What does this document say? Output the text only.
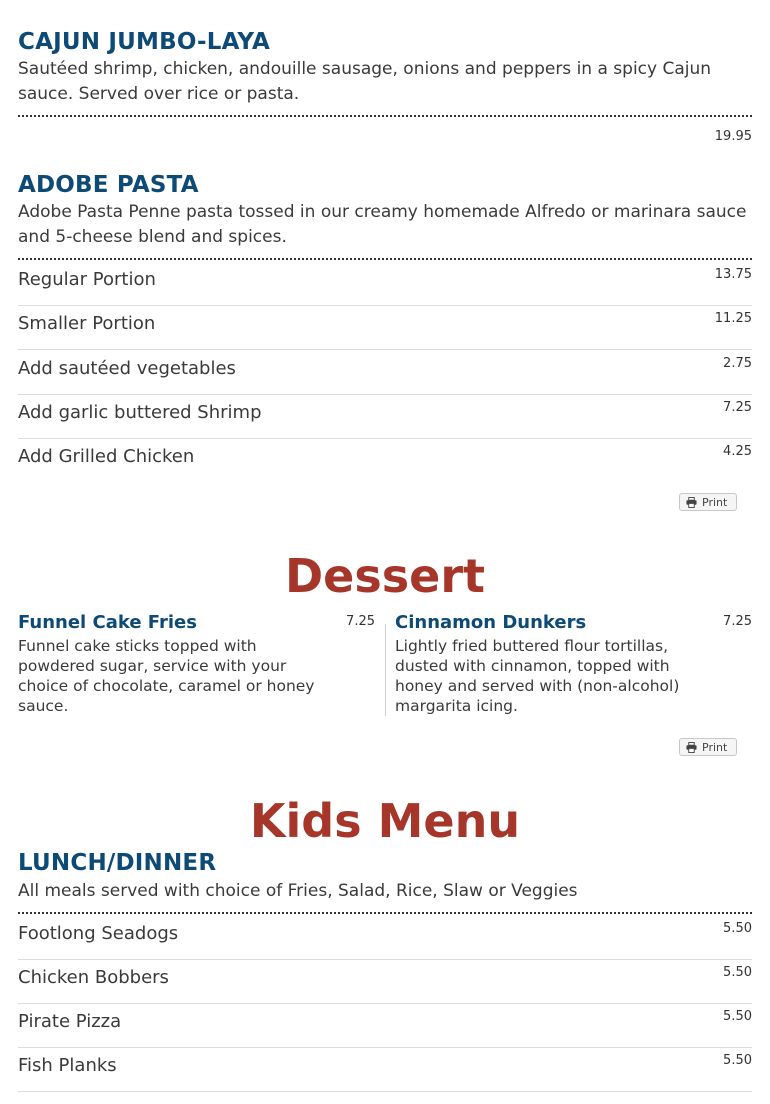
CAJUN JUMBO-LAYA

Sautéed shrimp, chicken, andouille sausage, onions and peppers in a spicy Cajun sauce. Served over rice or pasta.

19.95
ADOBE PASTA

Adobe Pasta Penne pasta tossed in our creamy homemade Alfredo or marinara sauce and 5-cheese blend and spices.

Regular Portion	13.75
Smaller Portion	11.25
Add sautéed vegetables	2.75
Add garlic buttered Shrimp	7.25
Add Grilled Chicken	4.25
Print
Dessert
Funnel Cake Fries	7.25
Funnel cake sticks topped with powdered sugar, service with your choice of chocolate, caramel or honey sauce.
Cinnamon Dunkers	7.25
Lightly fried buttered flour tortillas, dusted with cinnamon, topped with honey and served with (non-alcohol) margarita icing.
Print
Kids Menu
LUNCH/DINNER

All meals served with choice of Fries, Salad, Rice, Slaw or Veggies

Footlong Seadogs	5.50
Chicken Bobbers	5.50
Pirate Pizza	5.50
Fish Planks	5.50
